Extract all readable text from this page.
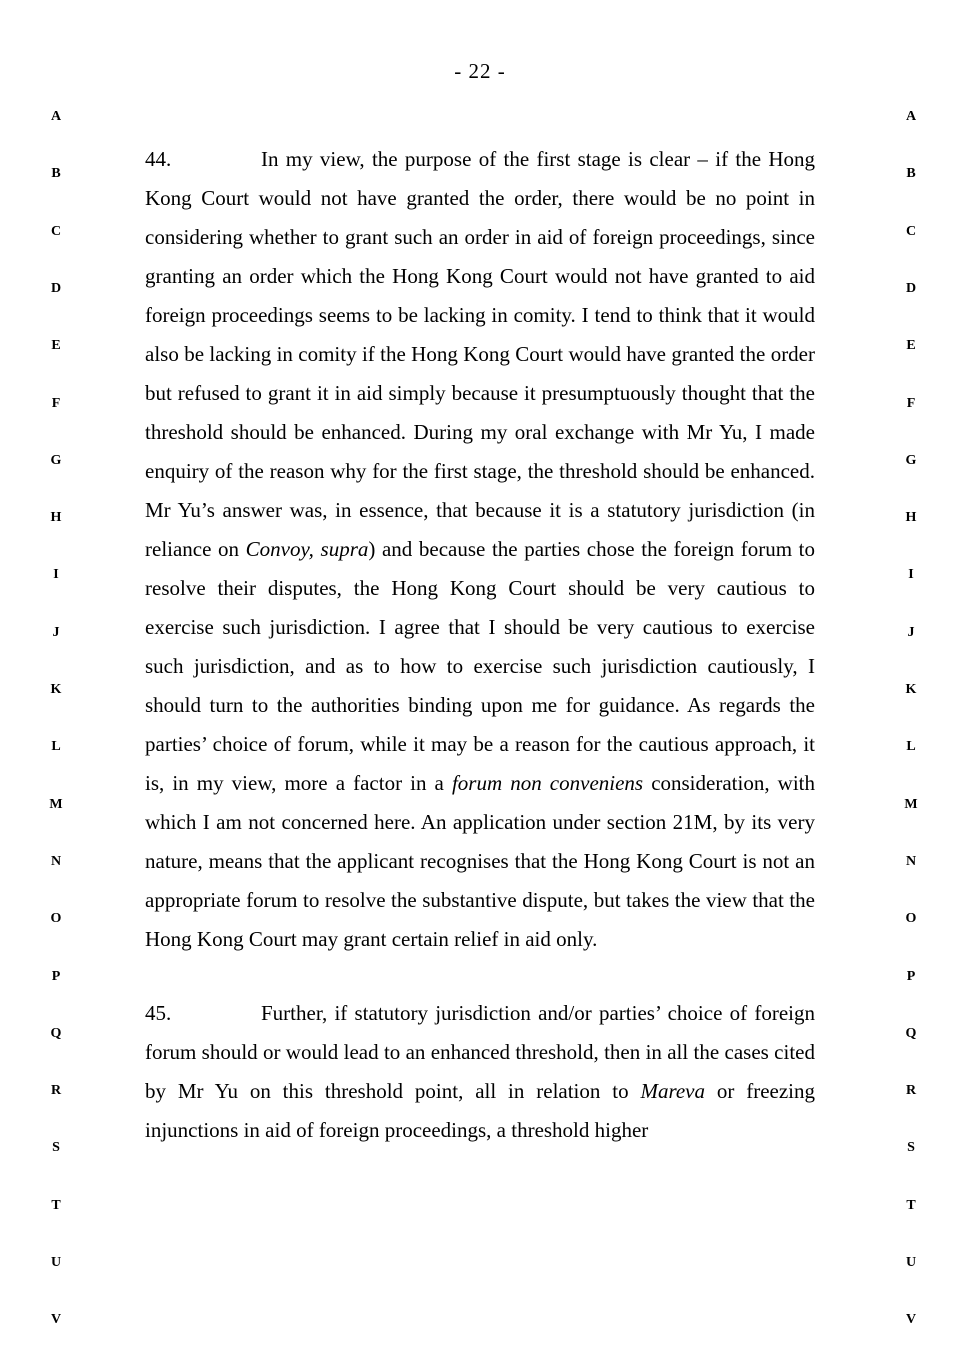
- 22 -
A
B
C
D
E
F
G
H
I
J
K
L
M
N
O
P
Q
R
S
T
U
V
A
B
C
D
E
F
G
H
I
J
K
L
M
N
O
P
Q
R
S
T
U
V

44.	In my view, the purpose of the first stage is clear – if the Hong Kong Court would not have granted the order, there would be no point in considering whether to grant such an order in aid of foreign proceedings, since granting an order which the Hong Kong Court would not have granted to aid foreign proceedings seems to be lacking in comity. I tend to think that it would also be lacking in comity if the Hong Kong Court would have granted the order but refused to grant it in aid simply because it presumptuously thought that the threshold should be enhanced. During my oral exchange with Mr Yu, I made enquiry of the reason why for the first stage, the threshold should be enhanced. Mr Yu’s answer was, in essence, that because it is a statutory jurisdiction (in reliance on Convoy, supra) and because the parties chose the foreign forum to resolve their disputes, the Hong Kong Court should be very cautious to exercise such jurisdiction. I agree that I should be very cautious to exercise such jurisdiction, and as to how to exercise such jurisdiction cautiously, I should turn to the authorities binding upon me for guidance. As regards the parties’ choice of forum, while it may be a reason for the cautious approach, it is, in my view, more a factor in a forum non conveniens consideration, with which I am not concerned here. An application under section 21M, by its very nature, means that the applicant recognises that the Hong Kong Court is not an appropriate forum to resolve the substantive dispute, but takes the view that the Hong Kong Court may grant certain relief in aid only.

45.	Further, if statutory jurisdiction and/or parties’ choice of foreign forum should or would lead to an enhanced threshold, then in all the cases cited by Mr Yu on this threshold point, all in relation to Mareva or freezing injunctions in aid of foreign proceedings, a threshold higher
